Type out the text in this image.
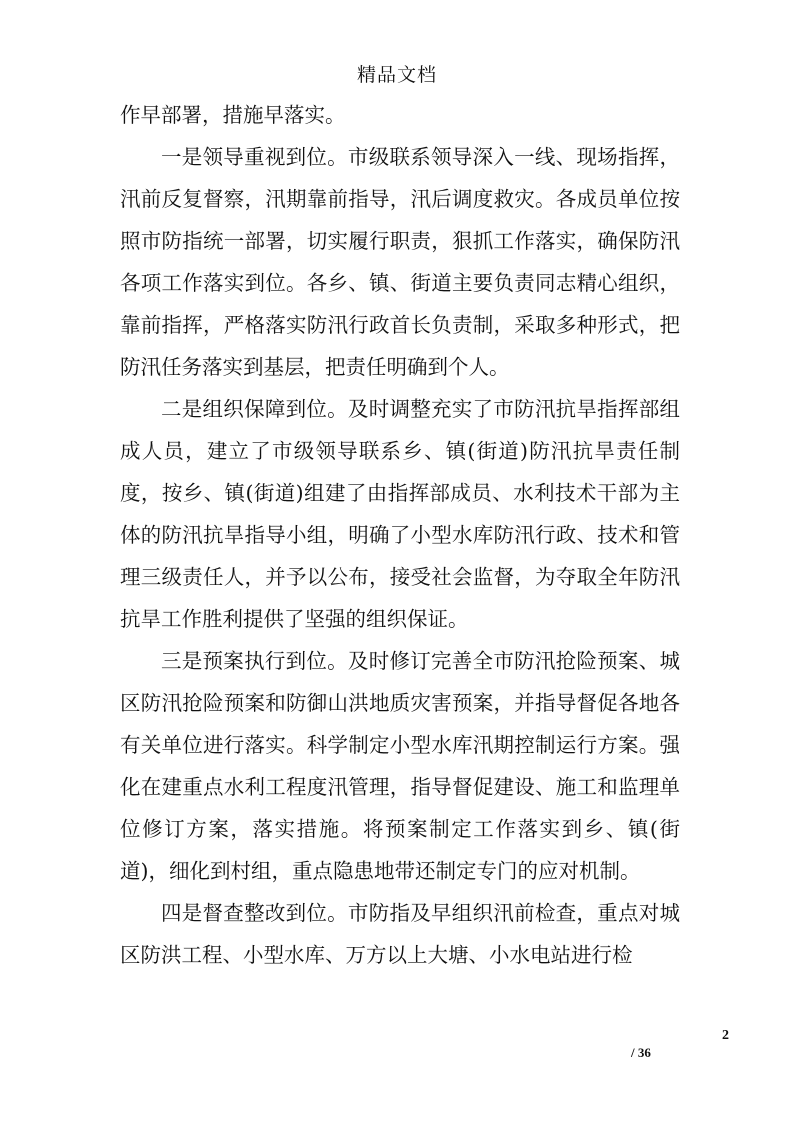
精品文档

作早部署，措施早落实。

一是领导重视到位。市级联系领导深入一线、现场指挥，汛前反复督察，汛期靠前指导，汛后调度救灾。各成员单位按照市防指统一部署，切实履行职责，狠抓工作落实，确保防汛各项工作落实到位。各乡、镇、街道主要负责同志精心组织，靠前指挥，严格落实防汛行政首长负责制，采取多种形式，把防汛任务落实到基层，把责任明确到个人。

二是组织保障到位。及时调整充实了市防汛抗旱指挥部组成人员，建立了市级领导联系乡、镇(街道)防汛抗旱责任制度，按乡、镇(街道)组建了由指挥部成员、水利技术干部为主体的防汛抗旱指导小组，明确了小型水库防汛行政、技术和管理三级责任人，并予以公布，接受社会监督，为夺取全年防汛抗旱工作胜利提供了坚强的组织保证。

三是预案执行到位。及时修订完善全市防汛抢险预案、城区防汛抢险预案和防御山洪地质灾害预案，并指导督促各地各有关单位进行落实。科学制定小型水库汛期控制运行方案。强化在建重点水利工程度汛管理，指导督促建设、施工和监理单位修订方案，落实措施。将预案制定工作落实到乡、镇(街道)，细化到村组，重点隐患地带还制定专门的应对机制。

四是督查整改到位。市防指及早组织汛前检查，重点对城区防洪工程、小型水库、万方以上大塘、小水电站进行检

2
/ 36
